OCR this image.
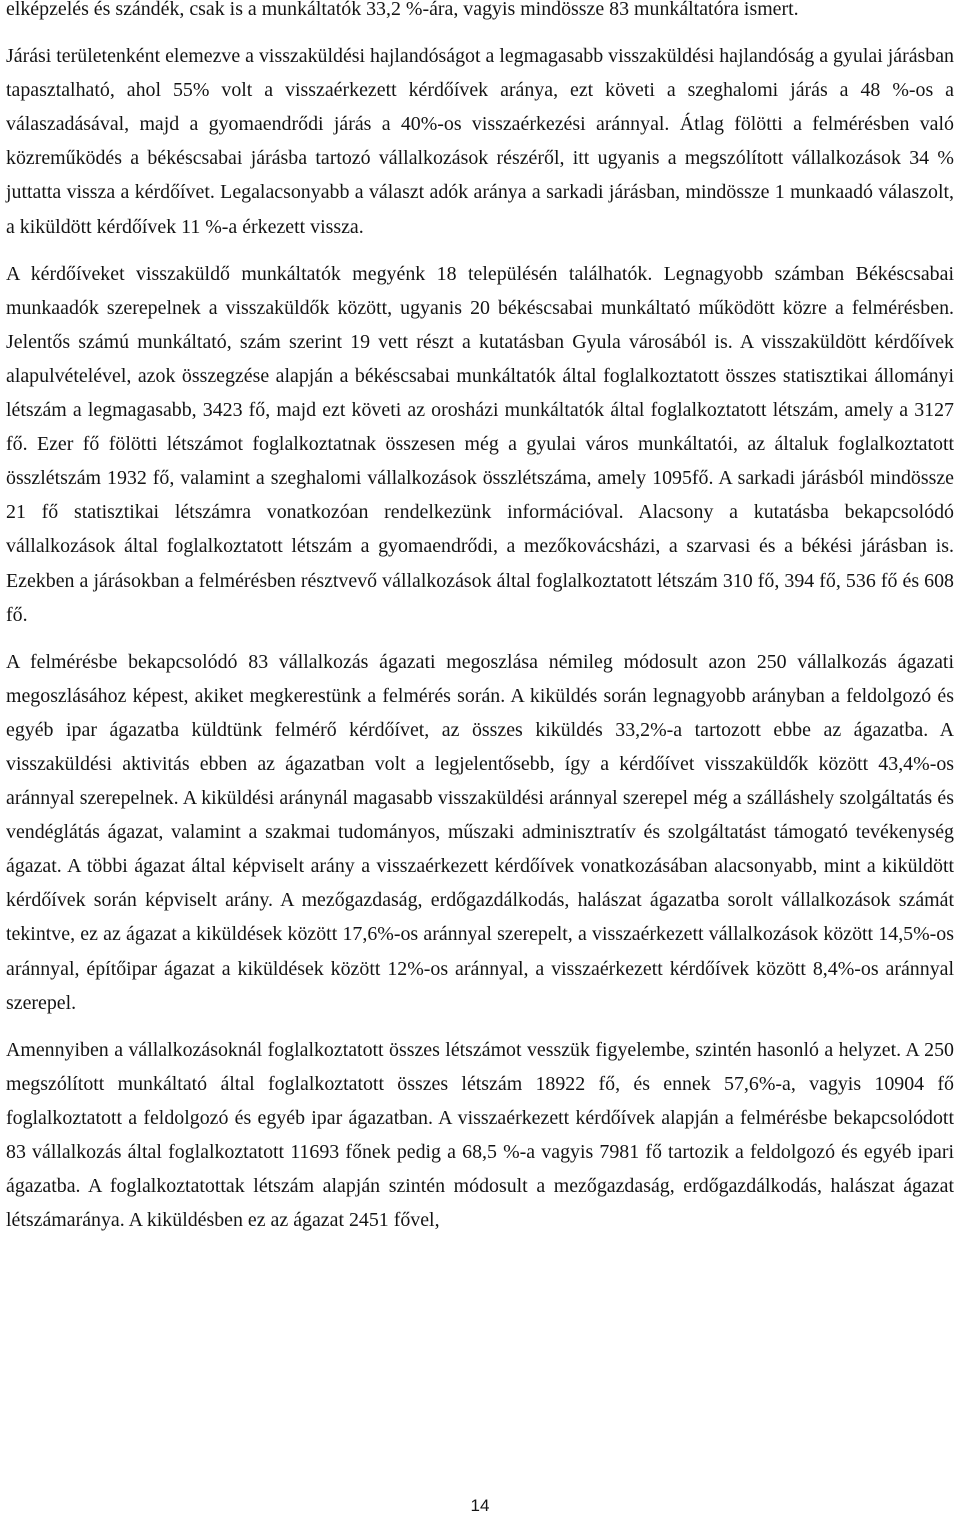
elképzelés és szándék, csak is a munkáltatók 33,2 %-ára, vagyis mindössze 83 munkáltatóra ismert.

Járási területenként elemezve a visszaküldési hajlandóságot a legmagasabb visszaküldési hajlandóság a gyulai járásban tapasztalható, ahol 55% volt a visszaérkezett kérdőívek aránya, ezt követi a szeghalomi járás a 48 %-os a válaszadásával, majd a gyomaendrődi járás a 40%-os visszaérkezési aránnyal. Átlag fölötti a felmérésben való közreműködés a békéscsabai járásba tartozó vállalkozások részéről, itt ugyanis a megszólított vállalkozások 34 % juttatta vissza a kérdőívet. Legalacsonyabb a választ adók aránya a sarkadi járásban, mindössze 1 munkaadó válaszolt, a kiküldött kérdőívek 11 %-a érkezett vissza.

A kérdőíveket visszaküldő munkáltatók megyénk 18 településén találhatók. Legnagyobb számban Békéscsabai munkaadók szerepelnek a visszaküldők között, ugyanis 20 békéscsabai munkáltató működött közre a felmérésben. Jelentős számú munkáltató, szám szerint 19 vett részt a kutatásban Gyula városából is. A visszaküldött kérdőívek alapulvételével, azok összegzése alapján a békéscsabai munkáltatók által foglalkoztatott összes statisztikai állományi létszám a legmagasabb, 3423 fő, majd ezt követi az orosházi munkáltatók által foglalkoztatott létszám, amely a 3127 fő. Ezer fő fölötti létszámot foglalkoztatnak összesen még a gyulai város munkáltatói, az általuk foglalkoztatott összlétszám 1932 fő, valamint a szeghalomi vállalkozások összlétszáma, amely 1095fő. A sarkadi járásból mindössze 21 fő statisztikai létszámra vonatkozóan rendelkezünk információval. Alacsony a kutatásba bekapcsolódó vállalkozások által foglalkoztatott létszám a gyomaendrődi, a mezőkovácsházi, a szarvasi és a békési járásban is. Ezekben a járásokban a felmérésben résztvevő vállalkozások által foglalkoztatott létszám 310 fő, 394 fő, 536 fő és 608 fő.

A felmérésbe bekapcsolódó 83 vállalkozás ágazati megoszlása némileg módosult azon 250 vállalkozás ágazati megoszlásához képest, akiket megkerestünk a felmérés során. A kiküldés során legnagyobb arányban a feldolgozó és egyéb ipar ágazatba küldtünk felmérő kérdőívet, az összes kiküldés 33,2%-a tartozott ebbe az ágazatba. A visszaküldési aktivitás ebben az ágazatban volt a legjelentősebb, így a kérdőívet visszaküldők között 43,4%-os aránnyal szerepelnek. A kiküldési aránynál magasabb visszaküldési aránnyal szerepel még a szálláshely szolgáltatás és vendéglátás ágazat, valamint a szakmai tudományos, műszaki adminisztratív és szolgáltatást támogató tevékenység ágazat. A többi ágazat által képviselt arány a visszaérkezett kérdőívek vonatkozásában alacsonyabb, mint a kiküldött kérdőívek során képviselt arány. A mezőgazdaság, erdőgazdálkodás, halászat ágazatba sorolt vállalkozások számát tekintve, ez az ágazat a kiküldések között 17,6%-os aránnyal szerepelt, a visszaérkezett vállalkozások között 14,5%-os aránnyal, építőipar ágazat a kiküldések között 12%-os aránnyal, a visszaérkezett kérdőívek között 8,4%-os aránnyal szerepel.

Amennyiben a vállalkozásoknál foglalkoztatott összes létszámot vesszük figyelembe, szintén hasonló a helyzet. A 250 megszólított munkáltató által foglalkoztatott összes létszám 18922 fő, és ennek 57,6%-a, vagyis 10904 fő foglalkoztatott a feldolgozó és egyéb ipar ágazatban. A visszaérkezett kérdőívek alapján a felmérésbe bekapcsolódott 83 vállalkozás által foglalkoztatott 11693 főnek pedig a 68,5 %-a vagyis 7981 fő tartozik a feldolgozó és egyéb ipari ágazatba. A foglalkoztatottak létszám alapján szintén módosult a mezőgazdaság, erdőgazdálkodás, halászat ágazat létszámaránya. A kiküldésben ez az ágazat 2451 fővel,

14
